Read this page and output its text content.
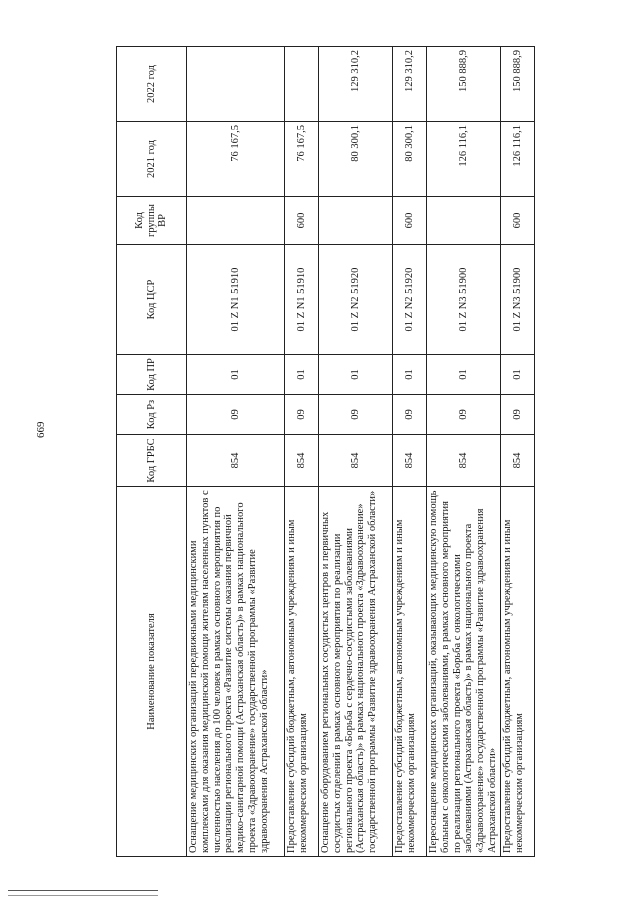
669
Наименование показателя	Код ГРБС	Код Рз	Код ПР	Код ЦСР	Код группы ВР	2021 год	2022 год
Оснащение медицинских организаций передвижными медицинскими комплексами для оказания медицинской помощи жителям населенных пунктов с численностью населения до 100 человек в рамках основного мероприятия по реализации регионального проекта «Развитие системы оказания первичной медико-санитарной помощи (Астраханская область)» в рамках национального проекта «Здравоохранение» государственной программы «Развитие здравоохранения Астраханской области»	854	09	01	01 Z N1 51910		76 167,5	
Предоставление субсидий бюджетным, автономным учреждениям и иным некоммерческим организациям	854	09	01	01 Z N1 51910	600	76 167,5	
Оснащение оборудованием региональных сосудистых центров и первичных сосудистых отделений в рамках основного мероприятия по реализации регионального проекта «Борьба с сердечно-сосудистыми заболеваниями (Астраханская область)» в рамках национального проекта «Здравоохранение» государственной программы «Развитие здравоохранения Астраханской области»	854	09	01	01 Z N2 51920		80 300,1	129 310,2
Предоставление субсидий бюджетным, автономным учреждениям и иным некоммерческим организациям	854	09	01	01 Z N2 51920	600	80 300,1	129 310,2
Переоснащение медицинских организаций, оказывающих медицинскую помощь больным с онкологическими заболеваниями, в рамках основного мероприятия по реализации регионального проекта «Борьба с онкологическими заболеваниями (Астраханская область)» в рамках национального проекта «Здравоохранение» государственной программы «Развитие здравоохранения Астраханской области»	854	09	01	01 Z N3 51900		126 116,1	150 888,9
Предоставление субсидий бюджетным, автономным учреждениям и иным некоммерческим организациям	854	09	01	01 Z N3 51900	600	126 116,1	150 888,9
